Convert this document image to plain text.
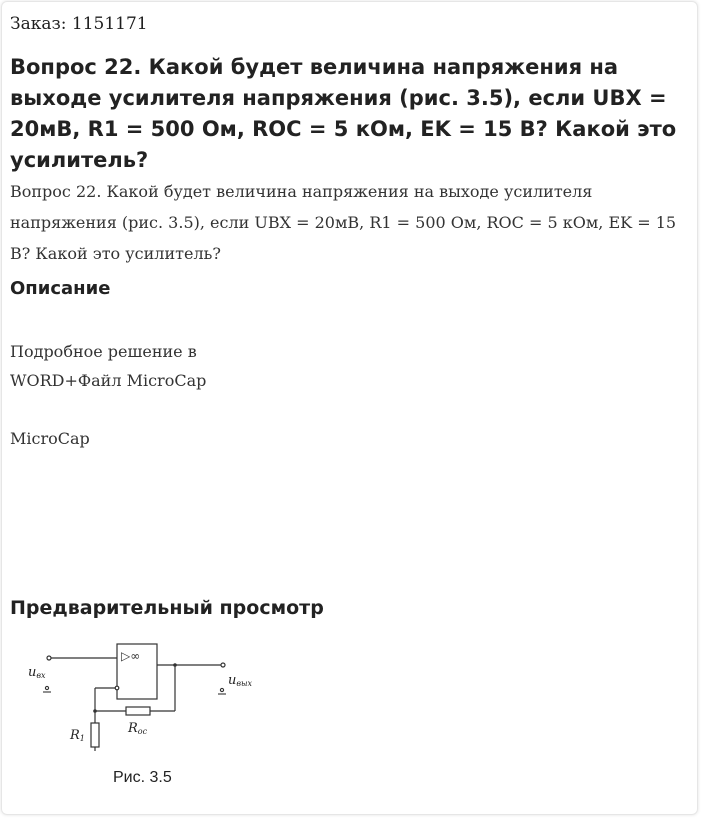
Заказ: 1151171
Вопрос 22. Какой будет величина напряжения на выходе усилителя напряжения (рис. 3.5), если UBX = 20мВ, R1 = 500 Ом, ROC = 5 кОм, EK = 15 В? Какой это усилитель?

Вопрос 22. Какой будет величина напряжения на выходе усилителя напряжения (рис. 3.5), если UBX = 20мВ, R1 = 500 Ом, ROC = 5 кОм, EK = 15 В? Какой это усилитель?

Описание
Подробное решение в
WORD+Файл MicroCap
MicroCap
Предварительный просмотр
▷∞
uвх	uвых
R1
Rос
Рис. 3.5
